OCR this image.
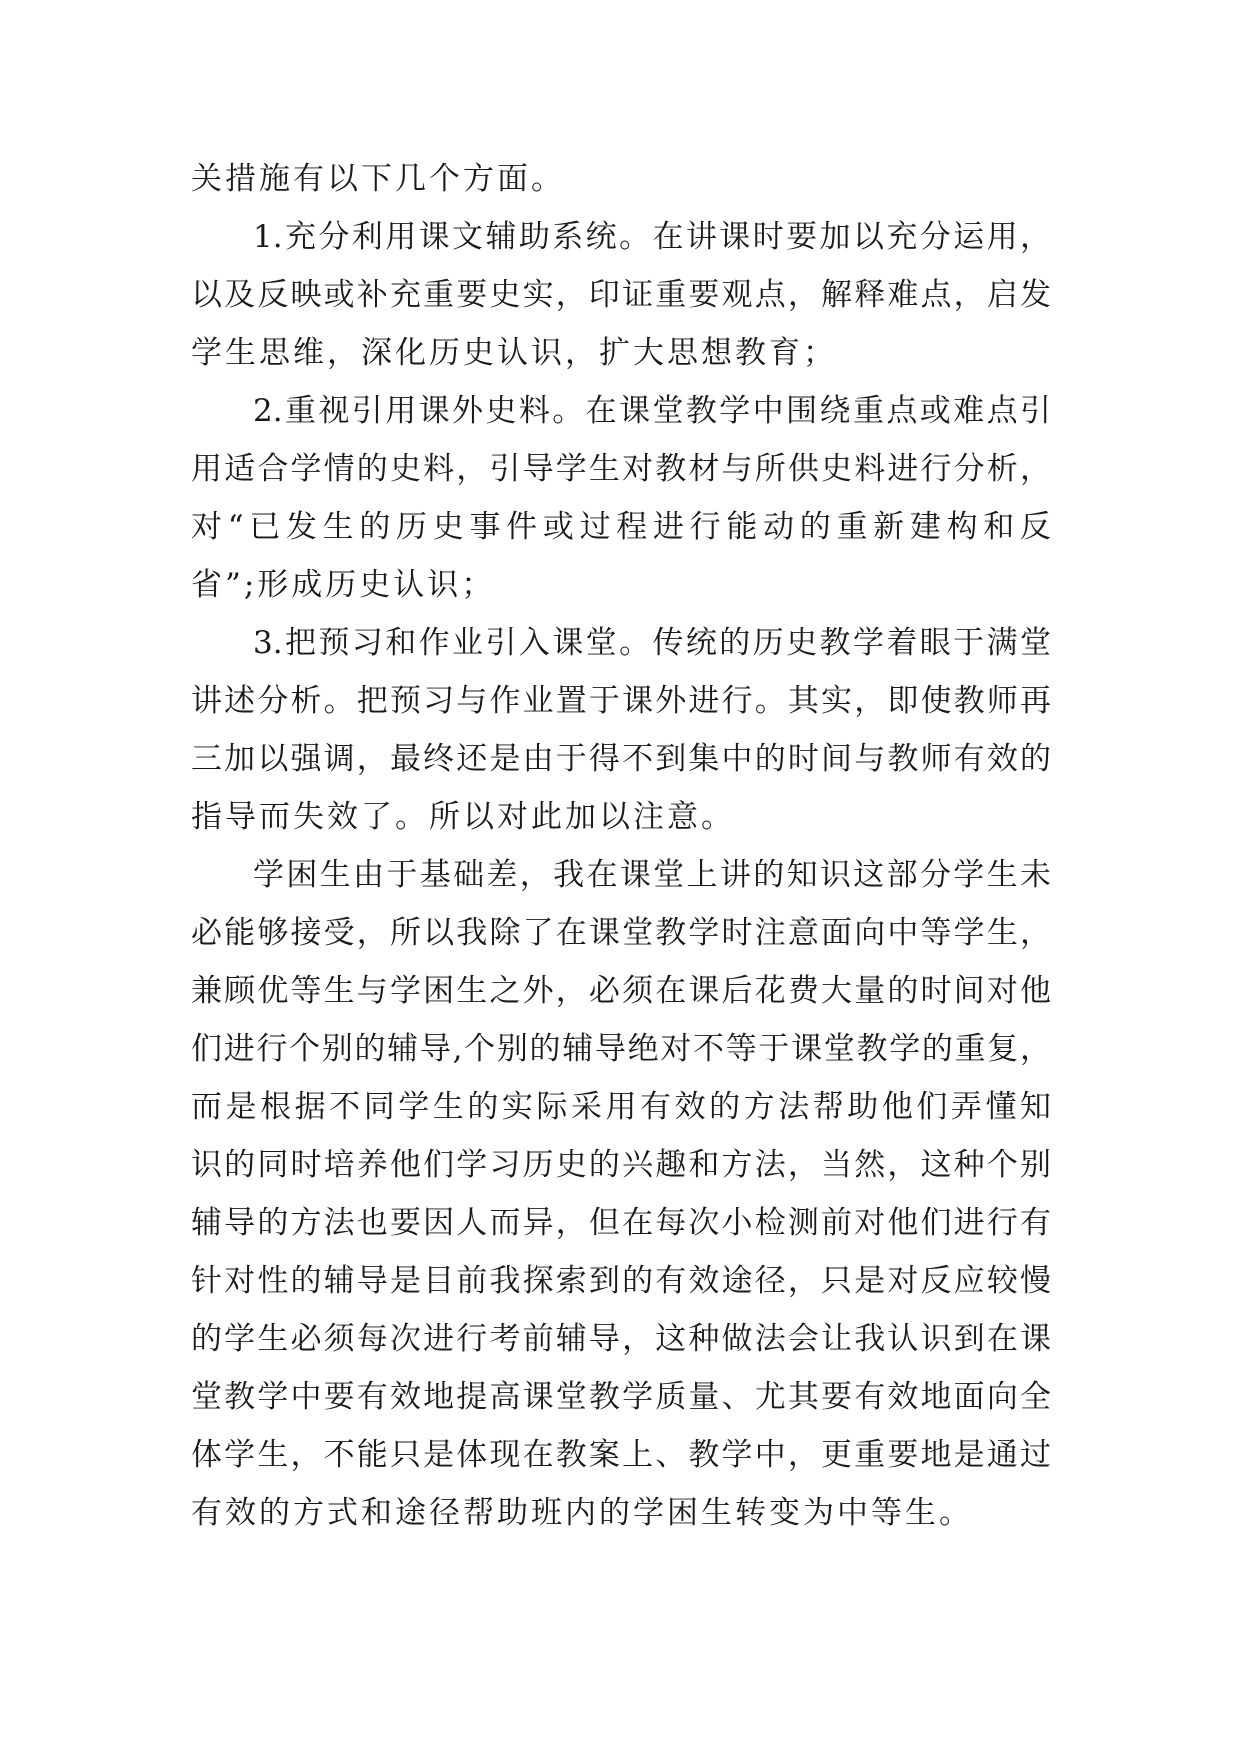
关措施有以下几个方面。
1.充分利用课文辅助系统。在讲课时要加以充分运用，
以及反映或补充重要史实，印证重要观点，解释难点，启发
学生思维，深化历史认识，扩大思想教育；
2.重视引用课外史料。在课堂教学中围绕重点或难点引
用适合学情的史料，引导学生对教材与所供史料进行分析，
对“已发生的历史事件或过程进行能动的重新建构和反
省”;形成历史认识；
3.把预习和作业引入课堂。传统的历史教学着眼于满堂
讲述分析。把预习与作业置于课外进行。其实，即使教师再
三加以强调，最终还是由于得不到集中的时间与教师有效的
指导而失效了。所以对此加以注意。
学困生由于基础差，我在课堂上讲的知识这部分学生未
必能够接受，所以我除了在课堂教学时注意面向中等学生，
兼顾优等生与学困生之外，必须在课后花费大量的时间对他
们进行个别的辅导,个别的辅导绝对不等于课堂教学的重复，
而是根据不同学生的实际采用有效的方法帮助他们弄懂知
识的同时培养他们学习历史的兴趣和方法，当然，这种个别
辅导的方法也要因人而异，但在每次小检测前对他们进行有
针对性的辅导是目前我探索到的有效途径，只是对反应较慢
的学生必须每次进行考前辅导，这种做法会让我认识到在课
堂教学中要有效地提高课堂教学质量、尤其要有效地面向全
体学生，不能只是体现在教案上、教学中，更重要地是通过
有效的方式和途径帮助班内的学困生转变为中等生。
